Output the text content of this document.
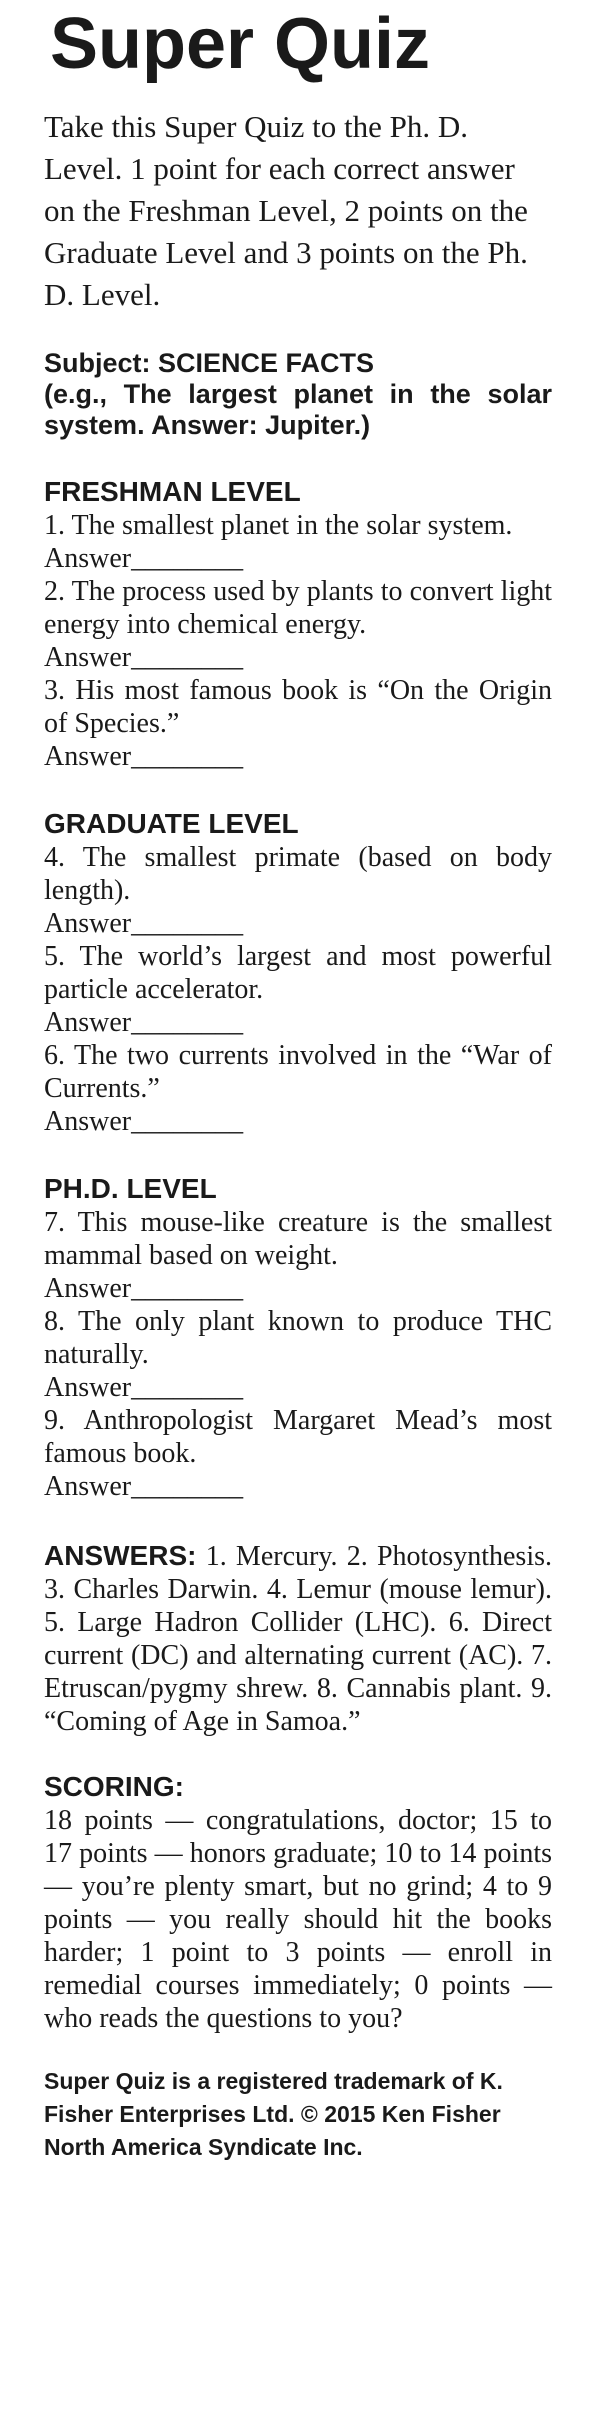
Super Quiz
Take this Super Quiz to the Ph. D. Level. 1 point for each correct answer on the Freshman Level, 2 points on the Graduate Level and 3 points on the Ph. D. Level.
Subject: SCIENCE FACTS
(e.g., The largest planet in the solar system. Answer: Jupiter.)
FRESHMAN LEVEL
1. The smallest planet in the solar system.
Answer________
2. The process used by plants to convert light energy into chemical energy.
Answer________
3. His most famous book is “On the Origin of Species.”
Answer________
GRADUATE LEVEL
4. The smallest primate (based on body length).
Answer________
5. The world’s largest and most powerful particle accelerator.
Answer________
6. The two currents involved in the “War of Currents.”
Answer________
PH.D. LEVEL
7. This mouse-like creature is the smallest mammal based on weight.
Answer________
8. The only plant known to produce THC naturally.
Answer________
9. Anthropologist Margaret Mead’s most famous book.
Answer________
ANSWERS: 1. Mercury. 2. Photosynthesis. 3. Charles Darwin. 4. Lemur (mouse lemur). 5. Large Hadron Collider (LHC). 6. Direct current (DC) and alternating current (AC). 7. Etruscan/pygmy shrew. 8. Cannabis plant. 9. “Coming of Age in Samoa.”
SCORING:
18 points — congratulations, doctor; 15 to 17 points — honors graduate; 10 to 14 points — you’re plenty smart, but no grind; 4 to 9 points — you really should hit the books harder; 1 point to 3 points — enroll in remedial courses immediately; 0 points — who reads the questions to you?
Super Quiz is a registered trademark of K. Fisher Enterprises Ltd. © 2015 Ken Fisher
North America Syndicate Inc.
